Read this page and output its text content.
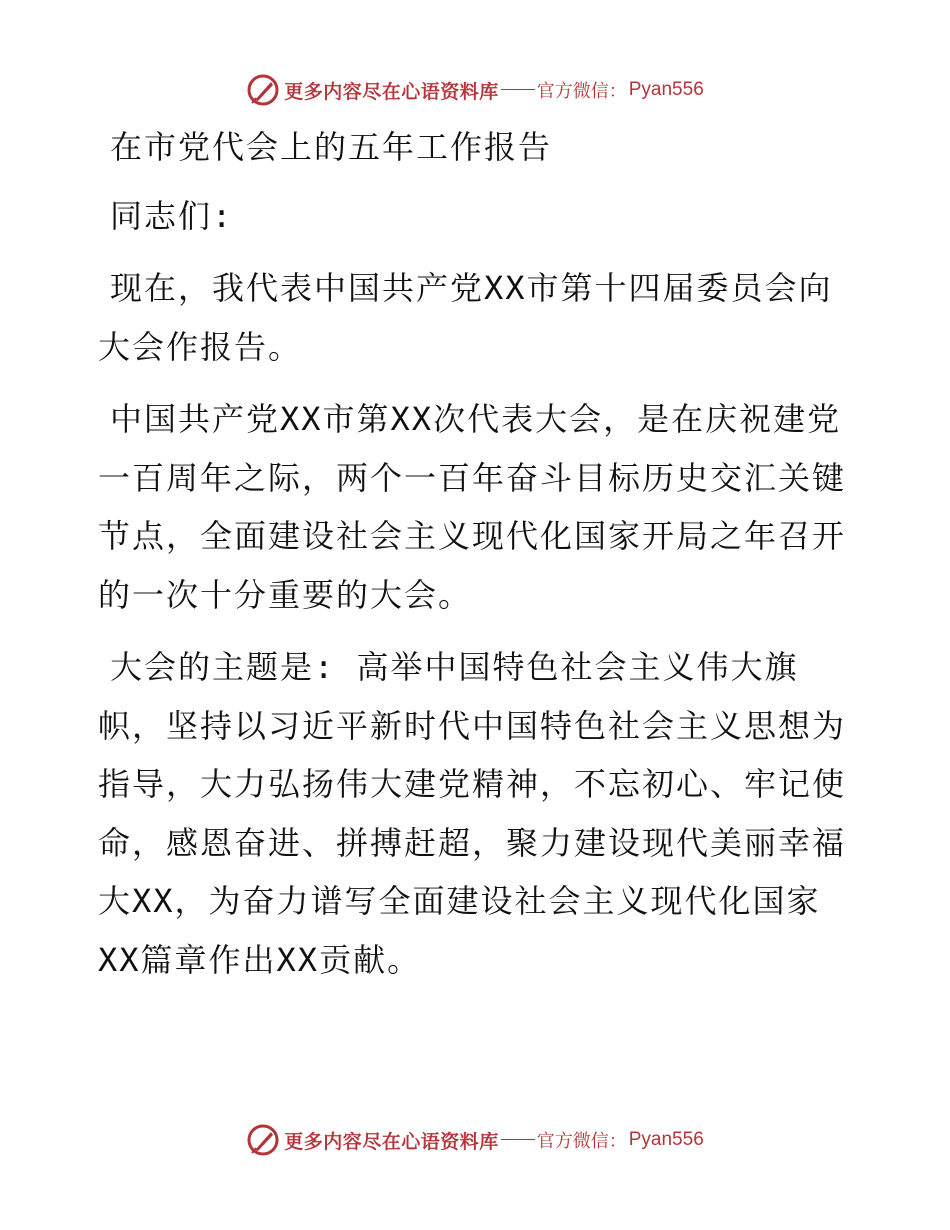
更多内容尽在心语资料库 官方微信： Pyan556

在市党代会上的五年工作报告

同志们:

现在，我代表中国共产党XX市第十四届委员会向大会作报告。

中国共产党XX市第XX次代表大会，是在庆祝建党一百周年之际，两个一百年奋斗目标历史交汇关键节点，全面建设社会主义现代化国家开局之年召开的一次十分重要的大会。

大会的主题是: 高举中国特色社会主义伟大旗帜，坚持以习近平新时代中国特色社会主义思想为指导，大力弘扬伟大建党精神，不忘初心、牢记使命，感恩奋进、拼搏赶超，聚力建设现代美丽幸福大XX，为奋力谱写全面建设社会主义现代化国家XX篇章作出XX贡献。

更多内容尽在心语资料库 官方微信： Pyan556
